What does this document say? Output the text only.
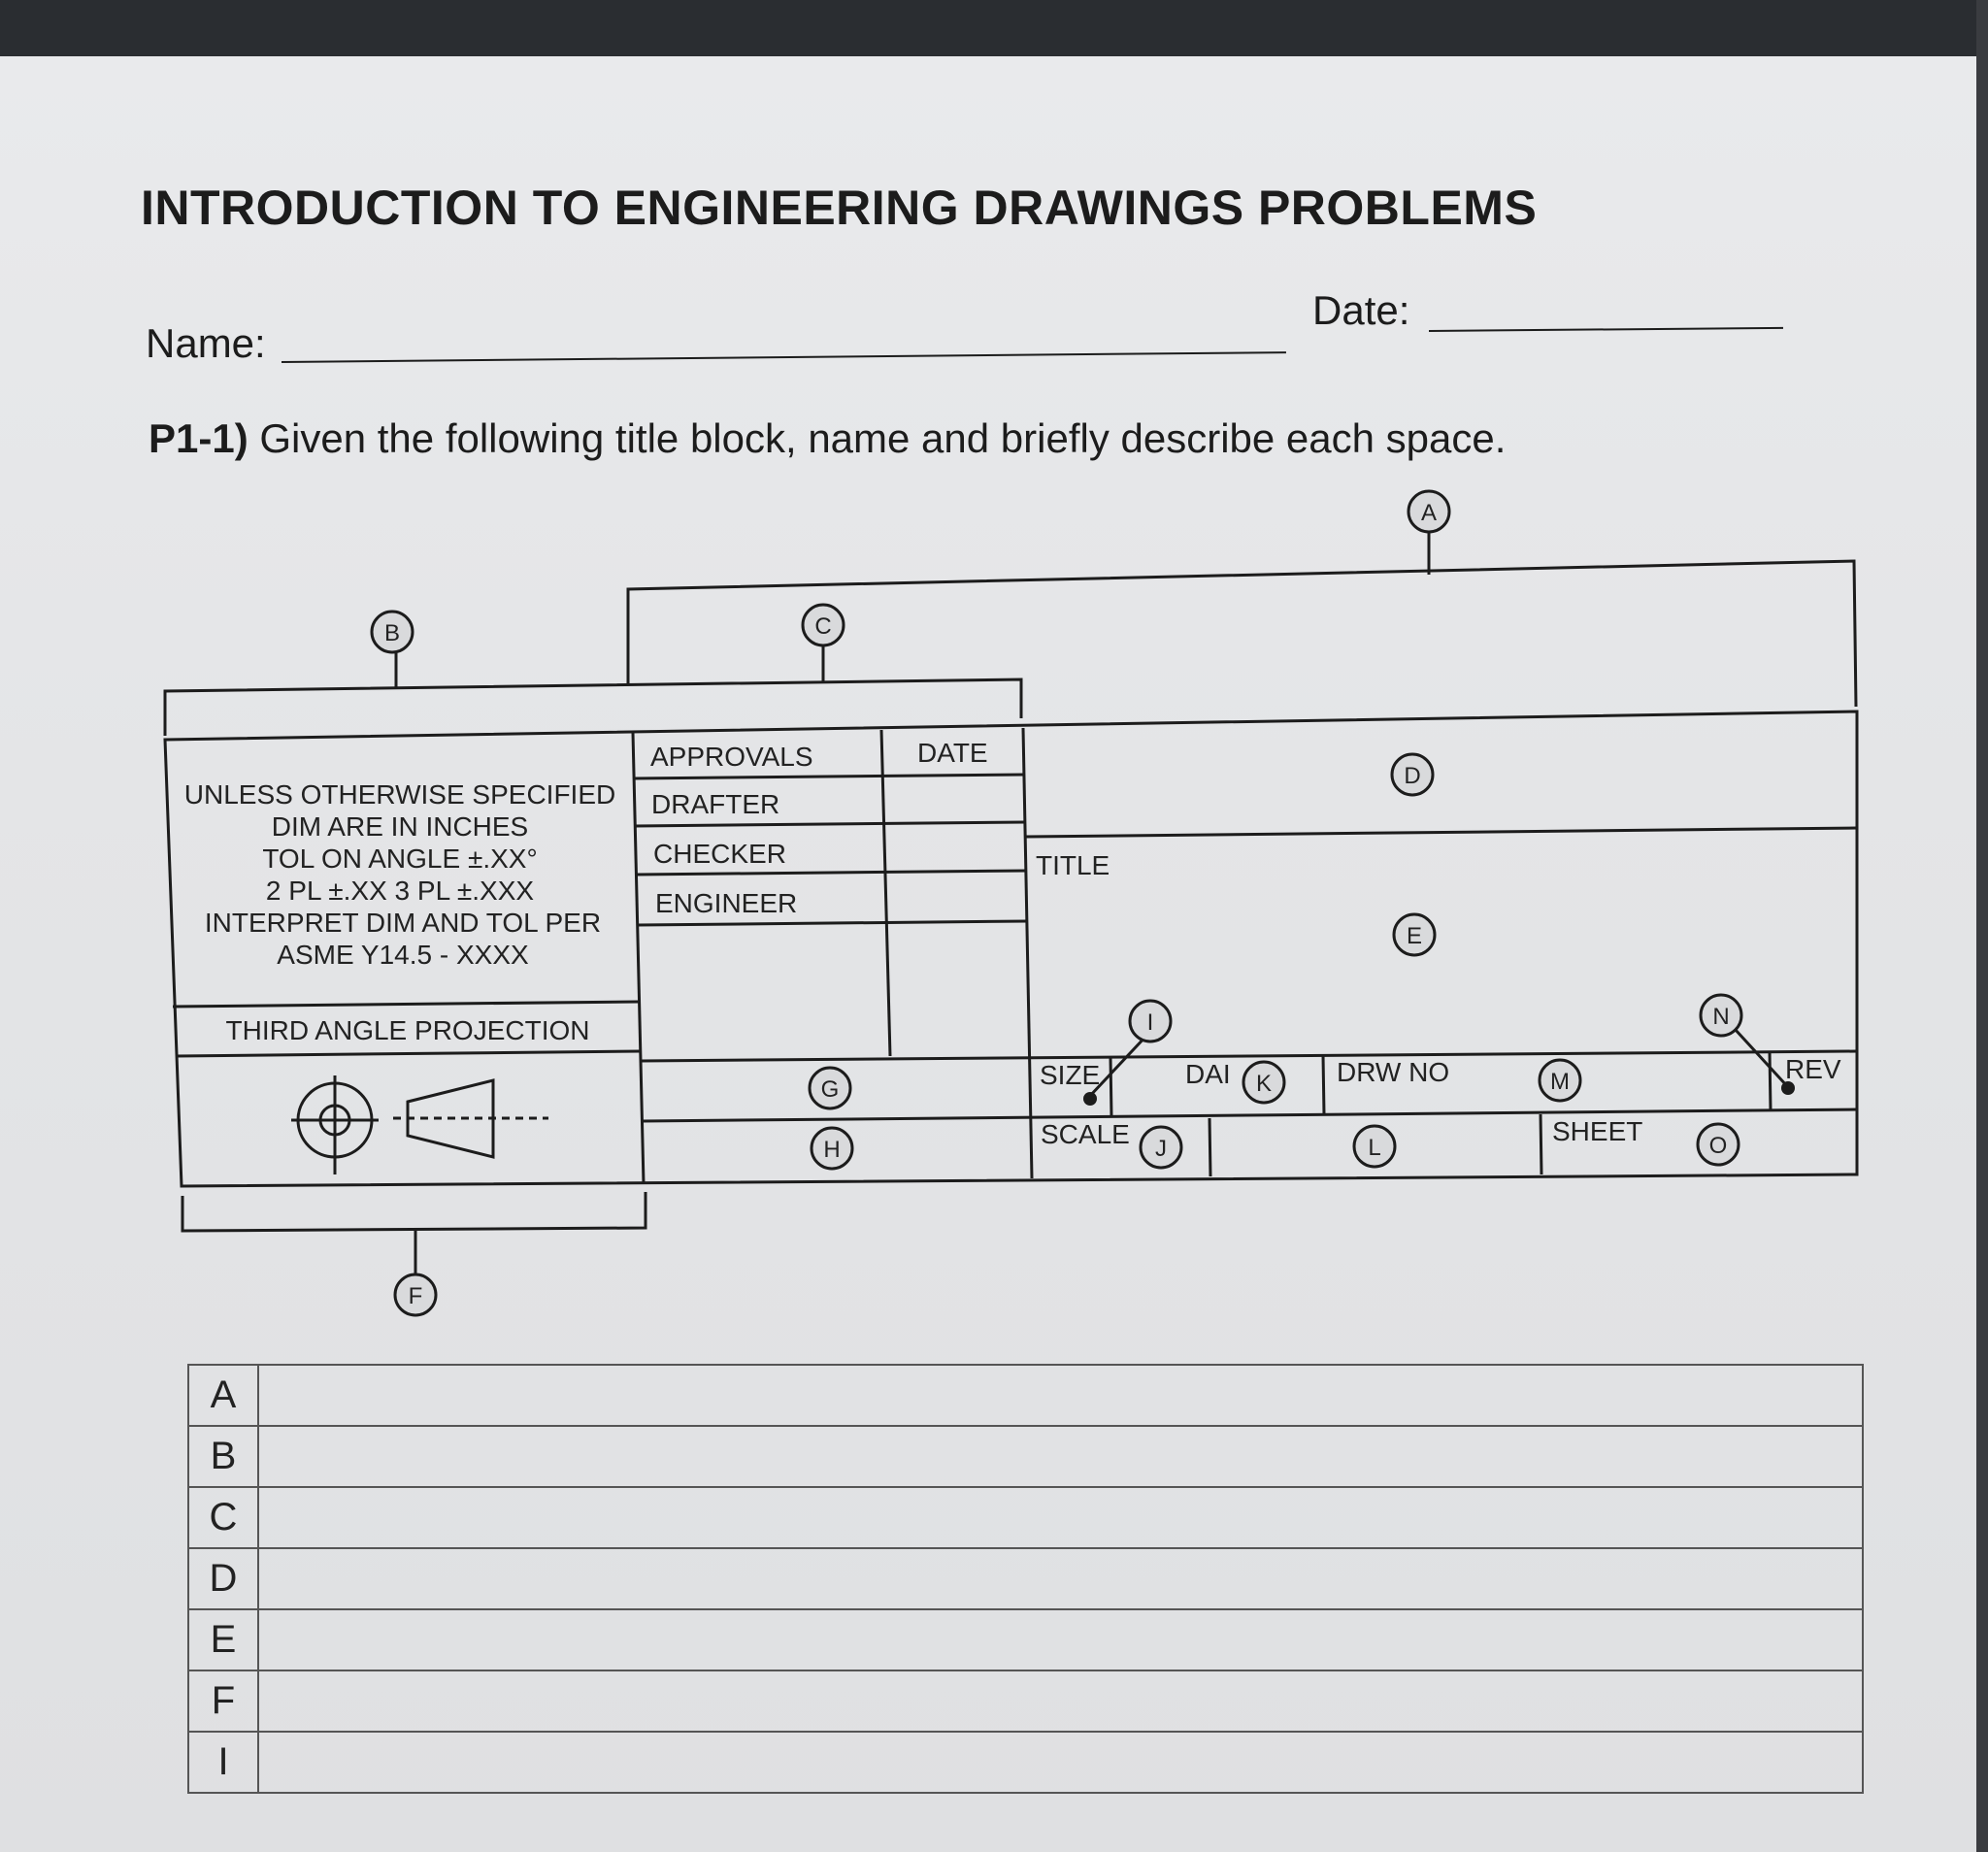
INTRODUCTION TO ENGINEERING DRAWINGS PROBLEMS
Name:
Date:
P1-1) Given the following title block, name and briefly describe each space.
UNLESS OTHERWISE SPECIFIED
DIM ARE IN INCHES
TOL ON ANGLE ±.XX°
2 PL ±.XX 3 PL ±.XXX
INTERPRET DIM AND TOL PER
ASME Y14.5 - XXXX
THIRD ANGLE PROJECTION
APPROVALS	DATE
DRAFTER
CHECKER
ENGINEER
TITLE
SIZE	DAI	DRW NO	REV
SCALE	SHEET
A
B	C
D
E
F
G
H
I
J
K
L
M
N
O
A	
B	
C	
D	
E	
F	
I	
